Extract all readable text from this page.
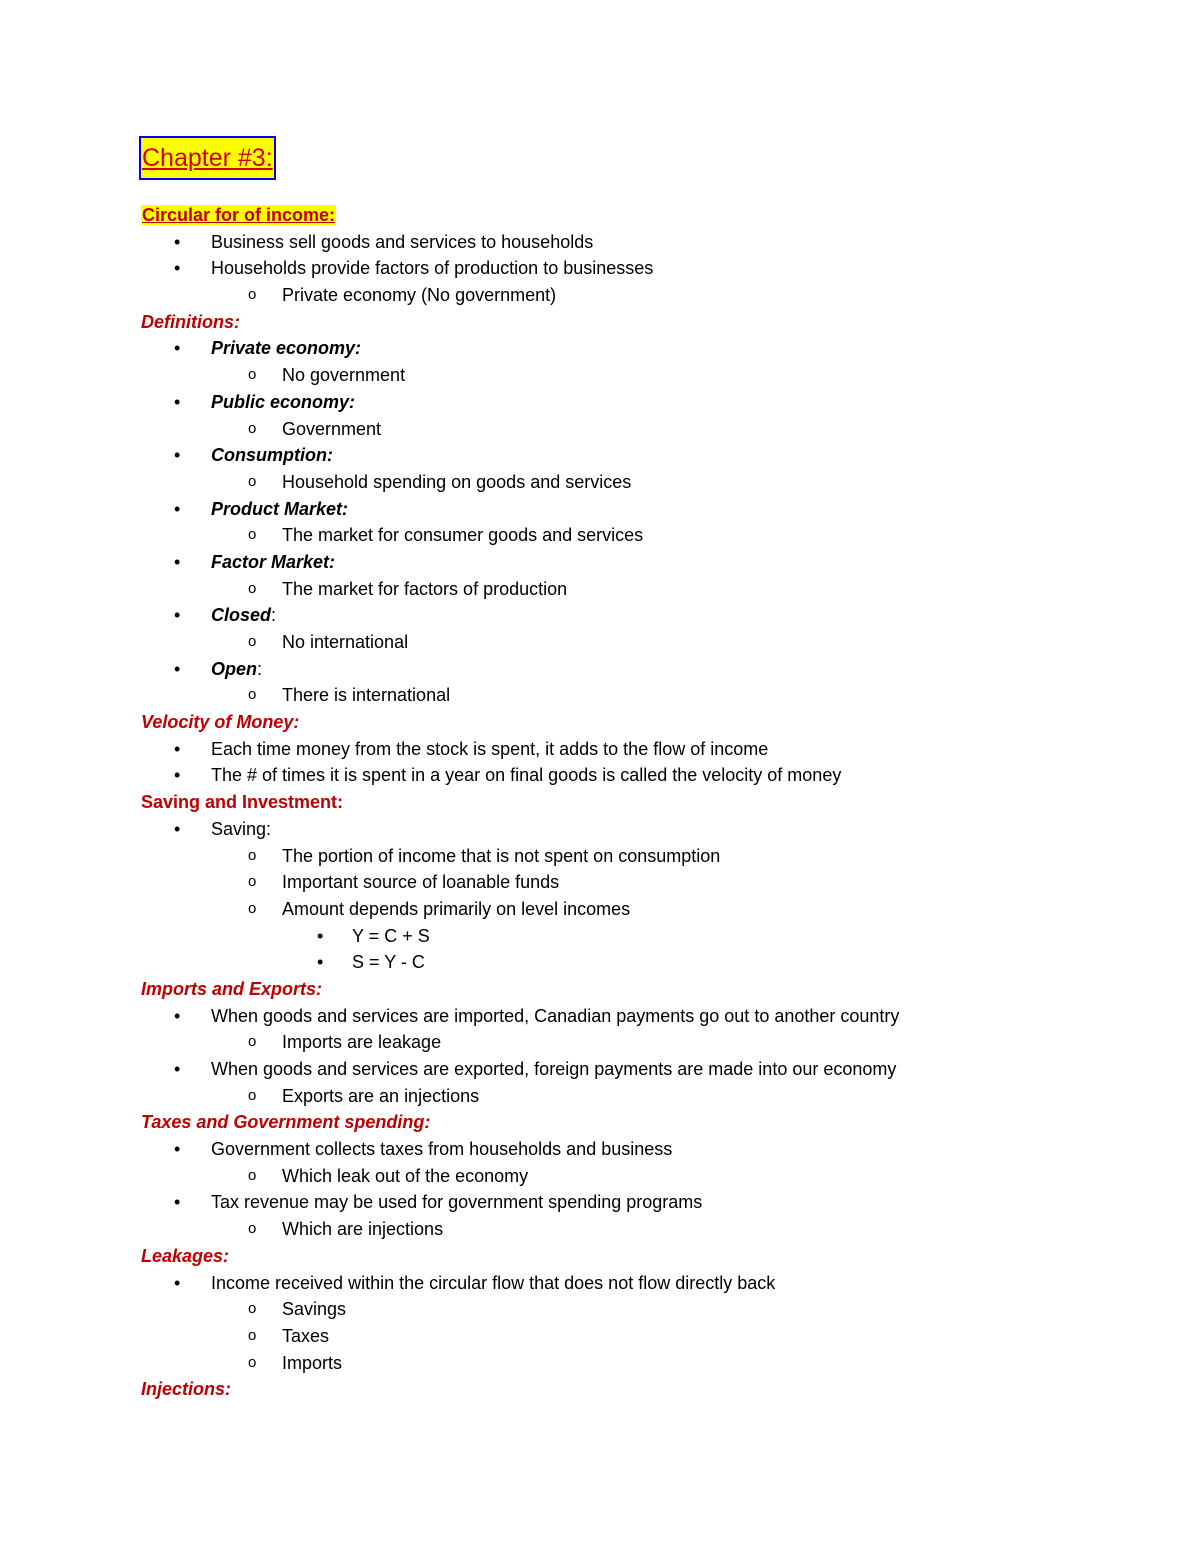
Chapter #3:
Circular for of income:
• Business sell goods and services to households
• Households provide factors of production to businesses
o Private economy (No government)
Definitions:
• Private economy:
o No government
• Public economy:
o Government
• Consumption:
o Household spending on goods and services
• Product Market:
o The market for consumer goods and services
• Factor Market:
o The market for factors of production
• Closed:
o No international
• Open:
o There is international
Velocity of Money:
• Each time money from the stock is spent, it adds to the flow of income
• The # of times it is spent in a year on final goods is called the velocity of money
Saving and Investment:
• Saving:
o The portion of income that is not spent on consumption
o Important source of loanable funds
o Amount depends primarily on level incomes
• Y = C + S
• S = Y - C
Imports and Exports:
• When goods and services are imported, Canadian payments go out to another country
o Imports are leakage
• When goods and services are exported, foreign payments are made into our economy
o Exports are an injections
Taxes and Government spending:
• Government collects taxes from households and business
o Which leak out of the economy
• Tax revenue may be used for government spending programs
o Which are injections
Leakages:
• Income received within the circular flow that does not flow directly back
o Savings
o Taxes
o Imports
Injections:
